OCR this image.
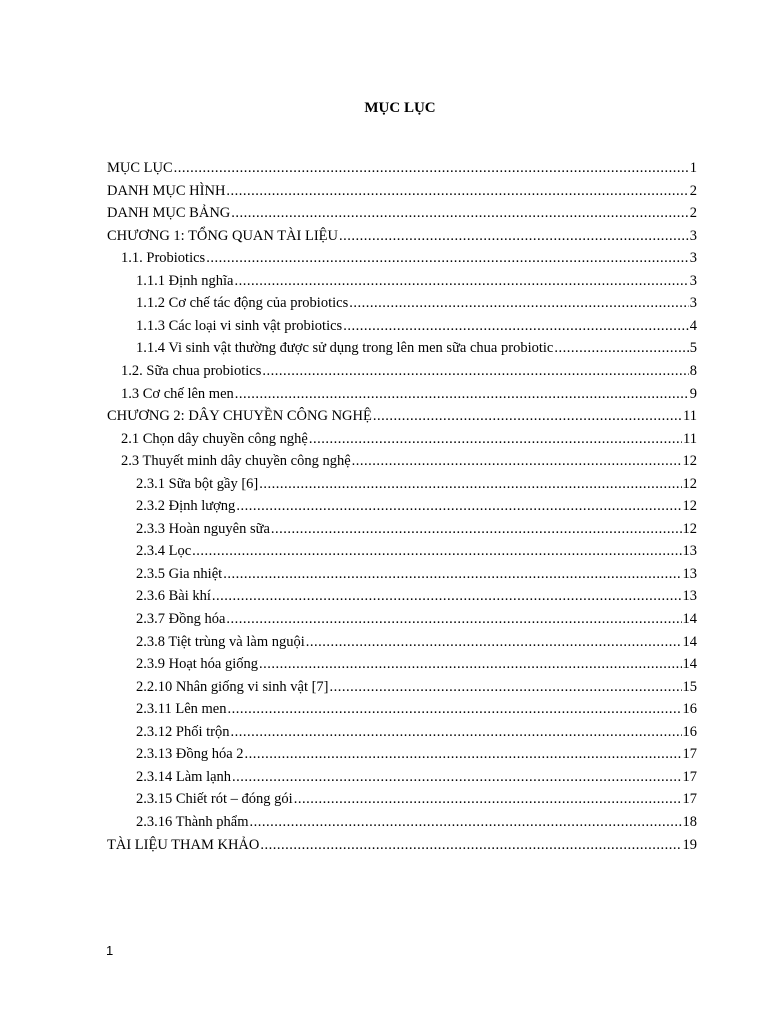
MỤC LỤC
MỤC LỤC .....	1
DANH MỤC HÌNH .....	2
DANH MỤC BẢNG .....	2
CHƯƠNG 1: TỔNG QUAN TÀI LIỆU .....	3
1.1. Probiotics .....	3
1.1.1 Định nghĩa .....	3
1.1.2 Cơ chế tác động của probiotics .....	3
1.1.3 Các loại vi sinh vật probiotics .....	4
1.1.4 Vi sinh vật thường được sử dụng trong lên men sữa chua probiotic .....	5
1.2. Sữa chua probiotics .....	8
1.3 Cơ chế lên men .....	9
CHƯƠNG 2: DÂY CHUYỀN CÔNG NGHỆ .....	11
2.1 Chọn dây chuyền công nghệ .....	11
2.3 Thuyết minh dây chuyền công nghệ .....	12
2.3.1 Sữa bột gầy [6] .....	12
2.3.2 Định lượng .....	12
2.3.3 Hoàn nguyên sữa .....	12
2.3.4 Lọc .....	13
2.3.5 Gia nhiệt .....	13
2.3.6 Bài khí .....	13
2.3.7 Đồng hóa .....	14
2.3.8 Tiệt trùng và làm nguội .....	14
2.3.9 Hoạt hóa giống .....	14
2.2.10 Nhân giống vi sinh vật [7] .....	15
2.3.11 Lên men .....	16
2.3.12 Phối trộn .....	16
2.3.13 Đồng hóa 2 .....	17
2.3.14 Làm lạnh .....	17
2.3.15 Chiết rót – đóng gói .....	17
2.3.16 Thành phẩm .....	18
TÀI LIỆU THAM KHẢO .....	19
1
